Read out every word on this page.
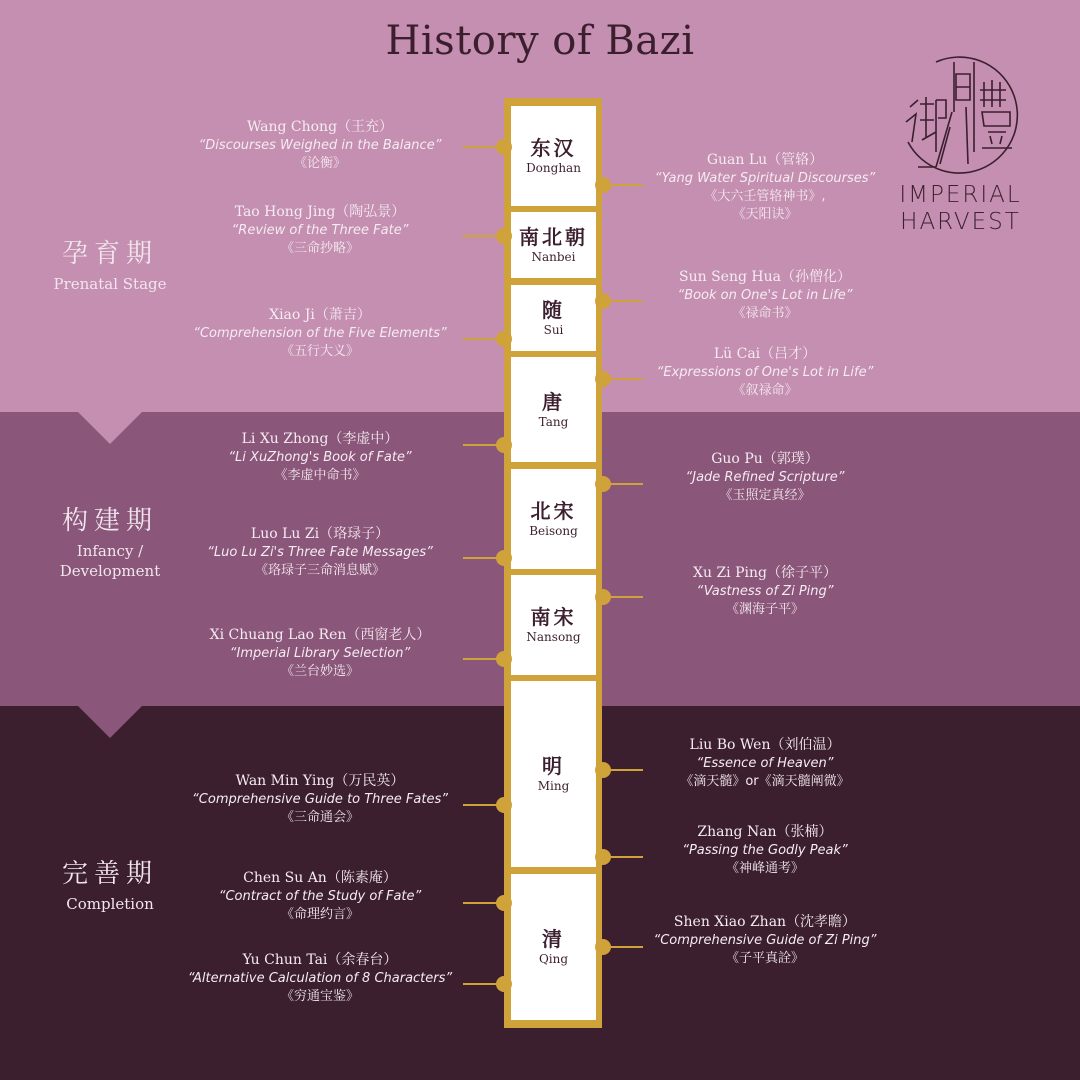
History of Bazi
IMPERIAL
HARVEST
孕育期
Prenatal Stage
构建期
Infancy /
Development
完善期
Completion
东汉
Donghan
南北朝
Nanbei
随
Sui
唐
Tang
北宋
Beisong
南宋
Nansong
明
Ming
清
Qing
Wang Chong（王充）
“Discourses Weighed in the Balance”
《论衡》
Tao Hong Jing（陶弘景）
“Review of the Three Fate”
《三命抄略》
Xiao Ji（萧吉）
“Comprehension of the Five Elements”
《五行大义》
Li Xu Zhong（李虚中）
“Li XuZhong's Book of Fate”
《李虚中命书》
Luo Lu Zi（珞琭子）
“Luo Lu Zi's Three Fate Messages”
《珞琭子三命消息赋》
Xi Chuang Lao Ren（西窗老人）
“Imperial Library Selection”
《兰台妙选》
Wan Min Ying（万民英）
“Comprehensive Guide to Three Fates”
《三命通会》
Chen Su An（陈素庵）
“Contract of the Study of Fate”
《命理约言》
Yu Chun Tai（余春台）
“Alternative Calculation of 8 Characters”
《穷通宝鉴》
Guan Lu（管辂）
“Yang Water Spiritual Discourses”
《大六壬管辂神书》,
《天阳诀》
Sun Seng Hua（孙僧化）
“Book on One's Lot in Life”
《禄命书》
Lü Cai（吕才）
“Expressions of One's Lot in Life”
《叙禄命》
Guo Pu（郭璞）
“Jade Refined Scripture”
《玉照定真经》
Xu Zi Ping（徐子平）
“Vastness of Zi Ping”
《渊海子平》
Liu Bo Wen（刘伯温）
“Essence of Heaven”
《滴天髓》or《滴天髓阐微》
Zhang Nan（张楠）
“Passing the Godly Peak”
《神峰通考》
Shen Xiao Zhan（沈孝瞻）
“Comprehensive Guide of Zi Ping”
《子平真詮》
